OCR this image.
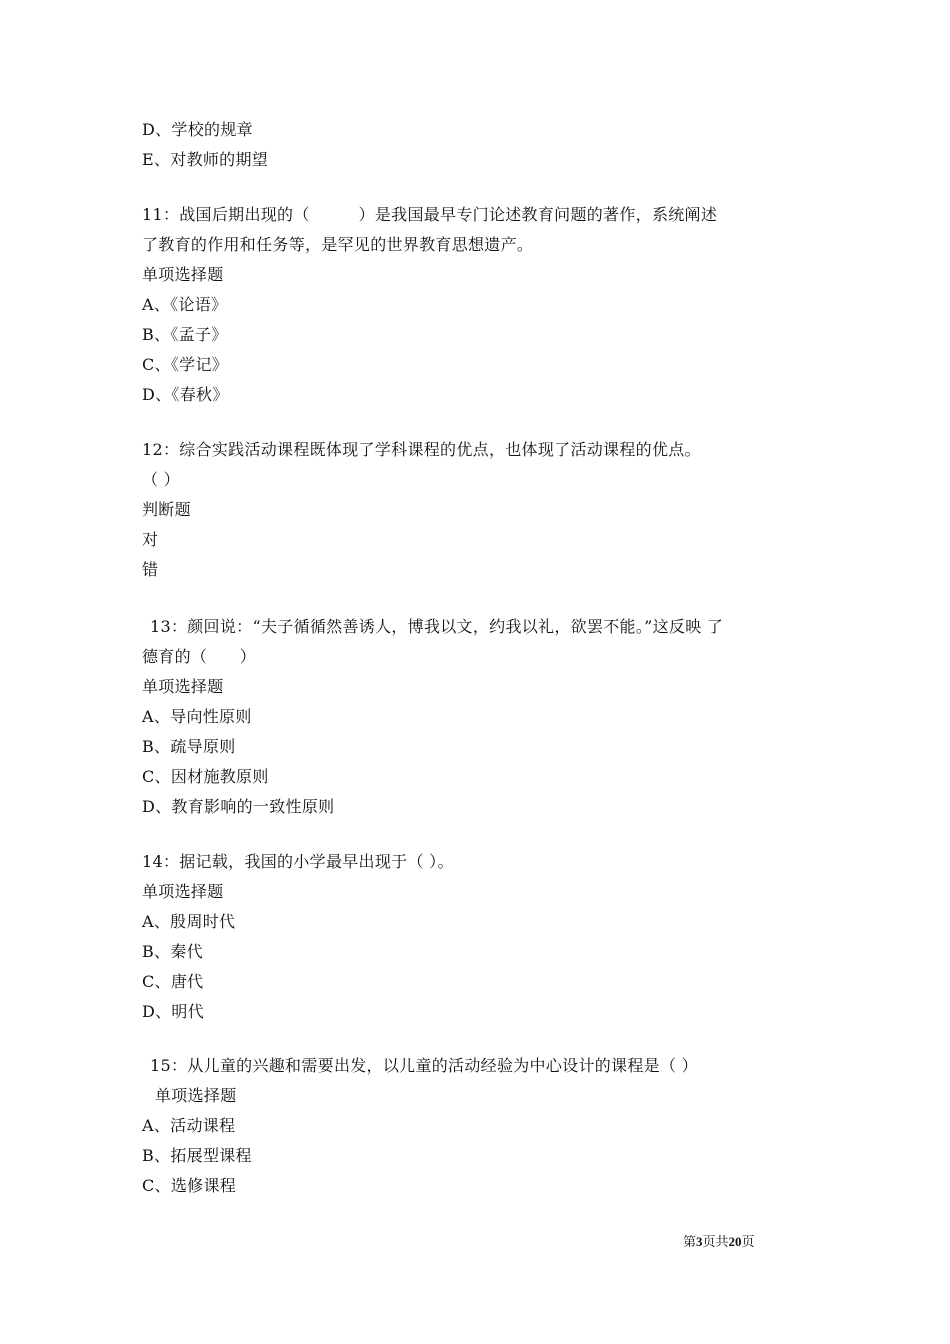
D、学校的规章
E、对教师的期望
11：战国后期出现的（　　　）是我国最早专门论述教育问题的著作，系统阐述
了教育的作用和任务等，是罕见的世界教育思想遗产。
单项选择题
A、《论语》
B、《孟子》
C、《学记》
D、《春秋》
12：综合实践活动课程既体现了学科课程的优点，也体现了活动课程的优点。
（ ）
判断题
对
错
13：颜回说：“夫子循循然善诱人，博我以文，约我以礼，欲罢不能。”这反映 了
德育的（　　）
单项选择题
A、导向性原则
B、疏导原则
C、因材施教原则
D、教育影响的一致性原则
14：据记载，我国的小学最早出现于（ ）。
单项选择题
A、殷周时代
B、秦代
C、唐代
D、明代
15：从儿童的兴趣和需要出发，以儿童的活动经验为中心设计的课程是（ ）
单项选择题
A、活动课程
B、拓展型课程
C、选修课程
第3页共20页
